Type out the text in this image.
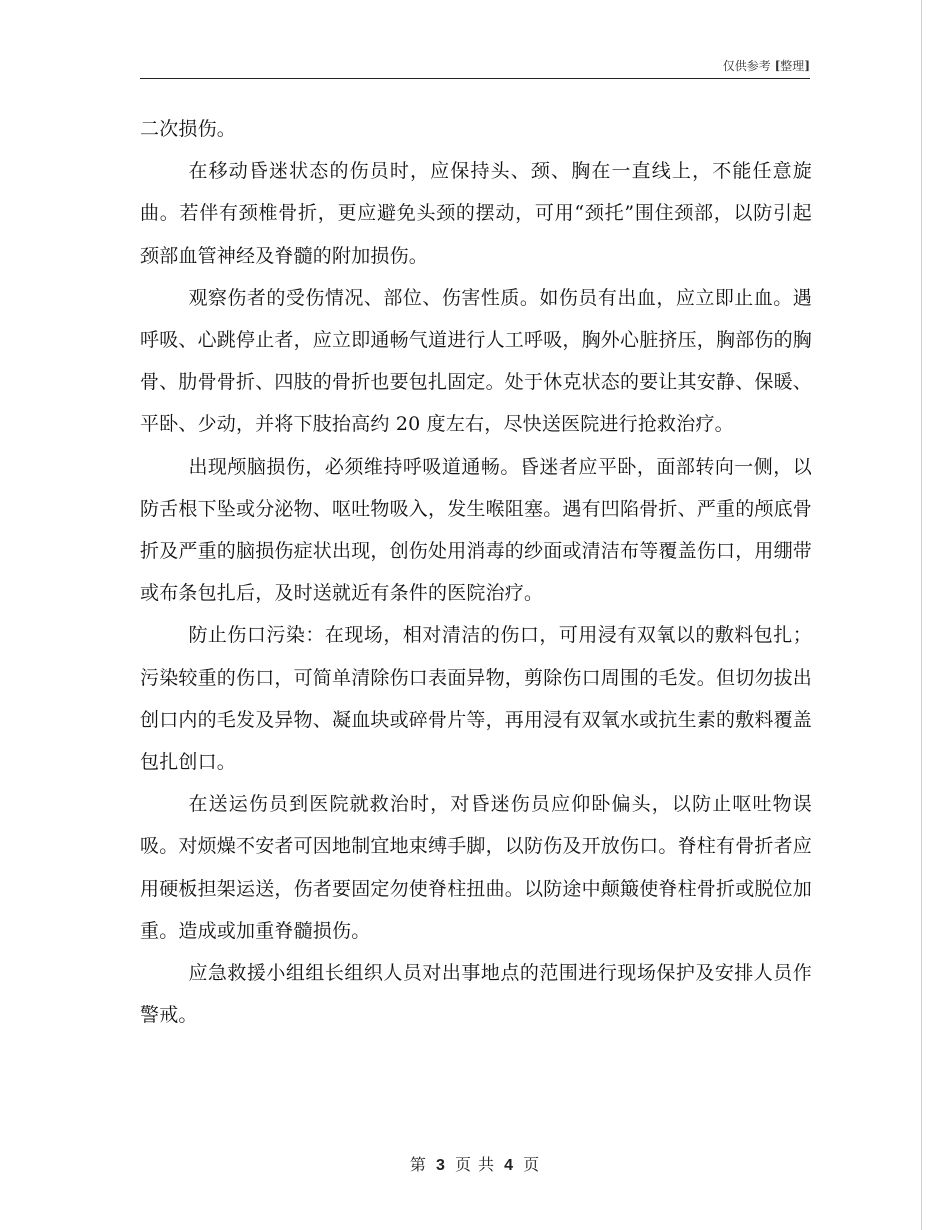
仅供参考 [整理]

二次损伤。

在移动昏迷状态的伤员时，应保持头、颈、胸在一直线上，不能任意旋曲。若伴有颈椎骨折，更应避免头颈的摆动，可用“颈托”围住颈部，以防引起颈部血管神经及脊髓的附加损伤。

观察伤者的受伤情况、部位、伤害性质。如伤员有出血，应立即止血。遇呼吸、心跳停止者，应立即通畅气道进行人工呼吸，胸外心脏挤压，胸部伤的胸骨、肋骨骨折、四肢的骨折也要包扎固定。处于休克状态的要让其安静、保暖、平卧、少动，并将下肢抬高约 20 度左右，尽快送医院进行抢救治疗。

出现颅脑损伤，必须维持呼吸道通畅。昏迷者应平卧，面部转向一侧，以防舌根下坠或分泌物、呕吐物吸入，发生喉阻塞。遇有凹陷骨折、严重的颅底骨折及严重的脑损伤症状出现，创伤处用消毒的纱面或清洁布等覆盖伤口，用绷带或布条包扎后，及时送就近有条件的医院治疗。

防止伤口污染：在现场，相对清洁的伤口，可用浸有双氧以的敷料包扎；污染较重的伤口，可简单清除伤口表面异物，剪除伤口周围的毛发。但切勿拔出创口内的毛发及异物、凝血块或碎骨片等，再用浸有双氧水或抗生素的敷料覆盖包扎创口。

在送运伤员到医院就救治时，对昏迷伤员应仰卧偏头，以防止呕吐物误吸。对烦燥不安者可因地制宜地束缚手脚，以防伤及开放伤口。脊柱有骨折者应用硬板担架运送，伤者要固定勿使脊柱扭曲。以防途中颠簸使脊柱骨折或脱位加重。造成或加重脊髓损伤。

应急救援小组组长组织人员对出事地点的范围进行现场保护及安排人员作警戒。

第 3 页 共 4 页
